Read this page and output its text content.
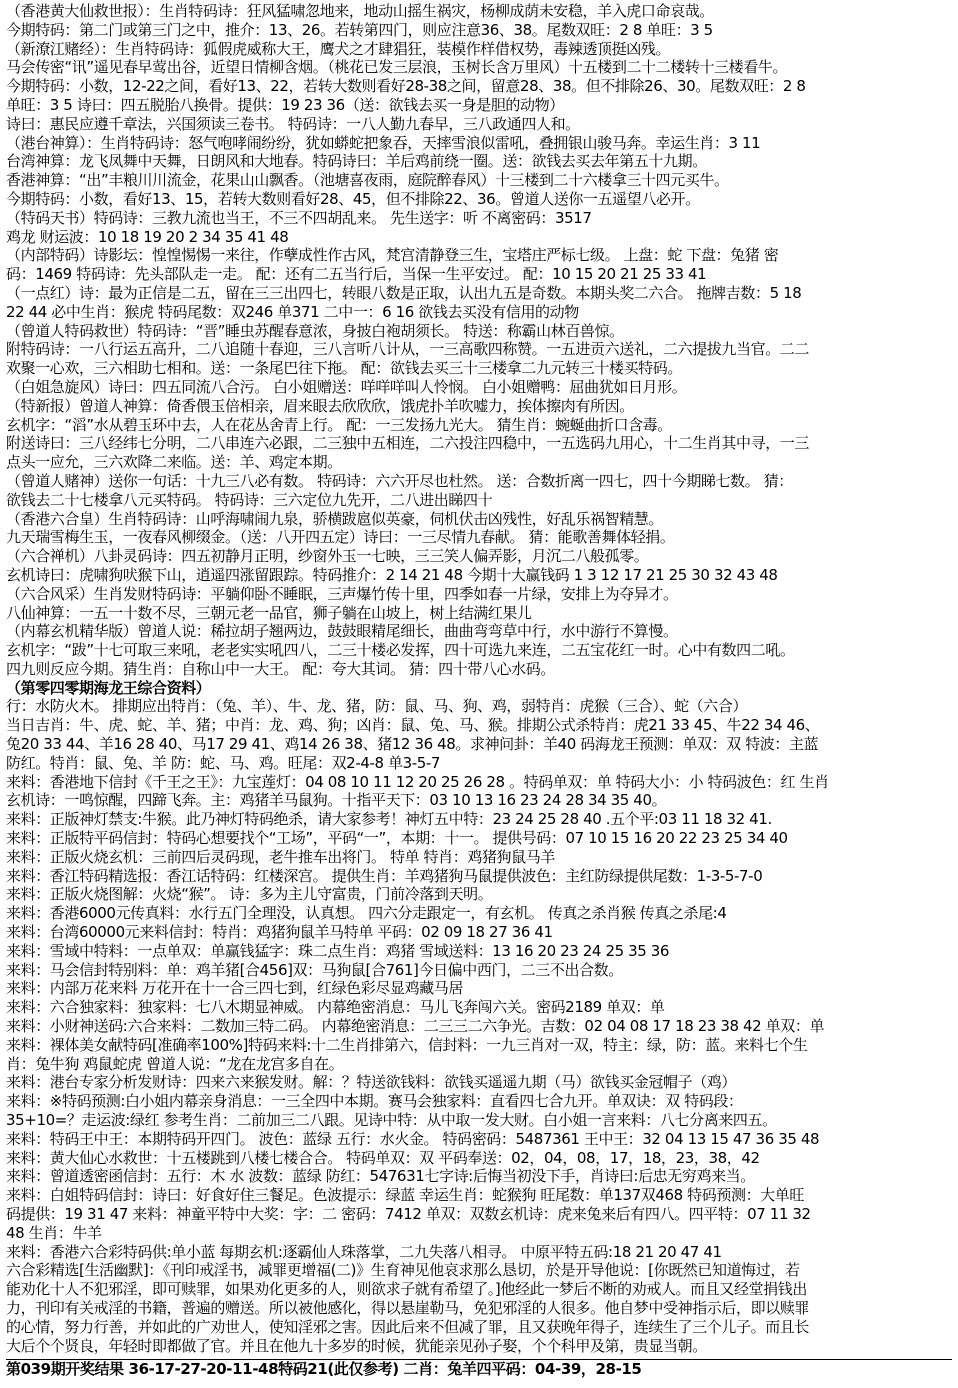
（香港黄大仙救世报）：生肖特码诗：狂风猛啸忽地来，地动山摇生祸灾，杨柳成荫未安稳，羊入虎口命哀哉。
今期特码：第二门或第三门之中，推介：13、26。若转第四门，则应注意36、38。尾数双旺：2 8 单旺：3 5
（新潦江赌经）：生肖特码诗：狐假虎威称大王，鹰犬之才肆猖狂，装模作样借权势，毒辣透顶挺凶残。
马会传密“讯”遥见春早莺出谷，近望日情柳含烟。（桃花已发三层浪，玉树长含万里风）十五楼到二十二楼转十三楼看牛。
今期特码：小数，12-22之间，看好13、22，若转大数则看好28-38之间，留意28、38。但不排除26、30。尾数双旺：2 8
单旺：3 5 诗曰：四五脱胎八换骨。提供：19 23 36（送：欲钱去买一身是胆的动物）
诗曰：惠民应遵千章法，兴国须读三卷书。 特码诗：一八人勤九春早，三八政通四人和。
（港台神算）：生肖特码诗：怒气咆哮闹纷纷，犹如蟒蛇把象吞，天摔雪浪似雷吼，叠拥银山骏马奔。幸运生肖：3 11
台湾神算：龙飞凤舞中天舞，日朗风和大地春。特码诗曰：羊后鸡前绕一圈。送：欲钱去买去年第五十九期。
香港神算：“出”丰粮川川流金，花果山山飘香。（池塘喜夜雨，庭院醉春风）十三楼到二十六楼拿三十四元买牛。
今期特码：小数，看好13、15，若转大数则看好28、45，但不排除22、36。曾道人送你一五遥望八必开。
（特码天书）特码诗：三教九流也当王，不三不四胡乱来。 先生送字：听 不离密码：3517
鸡龙 财运波：10 18 19 20 2 34 35 41 48
（内部特码）诗影坛：惶惶惕惕一来往，作孽成性作古风，梵宫清静登三生，宝塔庄严标七级。 上盘：蛇 下盘：兔猪 密
码：1469 特码诗：先头部队走一走。 配：还有二五当行后，当保一生平安过。 配：10 15 20 21 25 33 41
（一点红）诗：最为正信是二五，留在三三出四七，转眼八数是正取，认出九五是奇数。本期头奖二六合。 拖牌吉数：5 18
22 44 必中生肖：猴虎 特码尾数：双246 单371 二中一：6 16 欲钱去买没有信用的动物
（曾道人特码救世）特码诗：“晋”睡虫苏醒春意浓，身披白袍胡须长。 特送：称霸山林百兽惊。
附特码诗：一八行运五高升，二八追随十春迎，三八言听八计从，一三高歌四称赞。一五进贡六送礼，二六提拔九当官。二二
欢聚一心欢，三六相助七相和。送：一条尾巴往下拖。 配：欲钱去买三十三楼拿二九元转三十楼买特码。
（白姐急旋风）诗曰：四五同流八合污。 白小姐赠送：咩咩咩叫人怜悯。 白小姐赠鸭：屈曲犹如日月形。
（特新报）曾道人神算：倚香偎玉倍相亲，眉来眼去欣欣欣，饿虎扑羊吹嘘力，挨体擦肉有所因。
玄机字：“滔”水从碧玉环中去，人在花丛舍青上行。 配：一三发扬九光大。 猜生肖：蜿蜒曲折口含毒。
附送诗曰：三八经纬七分明，二八串连六必跟，二三独中五相连，二六投注四稳中，一五选码九用心，十二生肖其中寻，一三
点头一应允，三六欢降二来临。送：羊、鸡定本期。
（曾道人赌神）送你一句话：十九三八必有数。 特码诗：六六开尽也杜然。 送：合数折离一四七，四十今期睇七数。 猜：
欲钱去二十七楼拿八元买特码。 特码诗：三六定位九先开，二八进出睇四十
（香港六合皇）生肖特码诗：山呼海啸闹九泉，骄横跋扈似英豪，伺机伏击凶残性，好乱乐祸智精慧。
九天瑞雪梅生玉，一夜春风柳缀金。（送：八开四五定）诗曰：一三尽情九春献。 猜：能歌善舞体轻捐。
（六合禅机）八卦灵码诗：四五初静月正明，纱窗外玉一七映，三三笑人偏弄影，月沉二八般孤零。
玄机诗曰：虎啸狗吠猴下山，逍遥四涨留跟踪。特码推介：2 14 21 48 今期十大赢钱码 1 3 12 17 21 25 30 32 43 48
（六合风采）生肖发财特码诗：平躺仰卧不睡眠，三声爆竹传十里，四季如春一片绿，安排上为夺异才。
八仙神算：一五一十数不尽，三朝元老一品官，狮子躺在山坡上，树上结满红果儿
（内幕玄机精华版）曾道人说：稀拉胡子翘两边，鼓鼓眼精尾细长，曲曲弯弯草中行，水中游行不算慢。
玄机字：“跋”十七可取三来吼，老老实实吼四八，二三十楼必发挥，四十可选九来连，二五宝花红一时。心中有数四二吼。
四九则反应今期。猜生肖：自称山中一大王。 配：夸大其词。 猜：四十带八心水码。
（第零四零期海龙王综合资料）
行：水防火木。 排期应出特肖：（兔、羊）、牛、龙、猪，防：鼠、马、狗、鸡，弱特肖：虎猴（三合）、蛇（六合）
当日吉肖：牛、虎、蛇、羊、猪；中肖：龙、鸡、狗；凶肖：鼠、兔、马、猴。排期公式杀特肖：虎21 33 45、牛22 34 46、
兔20 33 44、羊16 28 40、马17 29 41、鸡14 26 38、猪12 36 48。求神问卦：羊40 码海龙王预测：单双：双 特波：主蓝
防红。特肖：鼠、兔、羊 防：蛇、马、鸡。旺尾：双2-4-8 单3-5-7
来料：香港地下信封《千王之王》：九宝莲灯：04 08 10 11 12 20 25 26 28 。特码单双：单 特码大小：小 特码波色：红 生肖
玄机诗：一鸣惊醒，四蹄飞奔。主：鸡猪羊马鼠狗。十指平天下：03 10 13 16 23 24 28 34 35 40。
来料：正版神灯禁支:牛猴。此乃神灯特码绝杀，请大家参考！神灯五中特：23 24 25 28 40 .五个平:03 11 18 32 41.
来料：正版特平码信封：特码心想要找个“工场”，平码“一”，本期：十一。 提供号码：07 10 15 16 20 22 23 25 34 40
来料：正版火烧玄机：三前四后灵码现，老牛推车出将门。 特单 特肖：鸡猪狗鼠马羊
来料：香江特码精选报：香江话特码：红楼深宫。 提供生肖：羊鸡猪狗马鼠提供波色：主红防绿提供尾数：1-3-5-7-0
来料：正版火烧图解：火烧“猴”。 诗：多为主儿守富贵，门前冷落到天明。
来料：香港6000元传真料：水行五门全理没，认真想。 四六分走跟定一，有玄机。 传真之杀肖猴 传真之杀尾:4
来料：台湾60000元来料信封：特肖：鸡猪狗鼠羊马特单 平码：02 09 18 27 36 41
来料：雪域中特料：一点单双：单赢钱猛字：珠二点生肖：鸡猪 雪域送料：13 16 20 23 24 25 35 36
来料：马会信封特别料：单：鸡羊猪[合456]双：马狗鼠[合761]今日偏中西门，二三不出合数。
来料：内部万花来料 万花开在十一合三四七到，红绿色彩尽显鸡藏马居
来料：六合独家料：独家料：七八木期显神威。 内幕绝密消息：马儿飞奔闯六关。密码2189 单双：单
来料：小财神送码:六合来料：二数加三特二码。 内幕绝密消息：二三三二六争光。吉数：02 04 08 17 18 23 38 42 单双：单
来料：裸体美女献特码[准确率100%]特码来料:十二生肖排第六，信封料：一九三肖对一双，特主：绿，防：蓝。来料七个生
肖：兔牛狗 鸡鼠蛇虎 曾道人说：“龙在龙宫多自在。
来料：港台专家分析发财诗：四来六来猴发财。解：？特送欲钱料：欲钱买遥遥九期（马）欲钱买金冠帽子（鸡）
来料：※特码预测:白小姐内幕亲身消息：一三全四中本期。赛马会独家料：直看四七合九开。单双诀：双 特码段：
35+10=？走运波:绿红 参考生肖：二前加三二八跟。见诗中特：从中取一发大财。白小姐一言来料：八七分离来四五。
来料：特码王中王：本期特码开四门。 波色：蓝绿 五行：水火金。 特码密码：5487361 王中王：32 04 13 15 47 36 35 48
来料：黄大仙心水救世：十五楼跳到八楼七楼合合。 特码单双：双 平码奉送：02，04，08，17，18，23，38，42
来料：曾道透密函信封：五行：木 水 波数：蓝绿 防红：547631七字诗:后悔当初没下手，肖诗曰:后忠无穷鸡来当。
来料：白姐特码信封：诗曰：好食好住三餐足。色波提示：绿蓝 幸运生肖：蛇猴狗 旺尾数：单137双468 特码预测：大单旺
码提供：19 31 47 来料：神童平特中大奖：字：二 密码：7412 单双：双数玄机诗：虎来兔来后有四八。四平特：07 11 32
48 生肖：牛羊
来料：香港六合彩特码供:单小蓝 每期玄机:逐霸仙人珠落掌，二九失落八相寻。 中原平特五码:18 21 20 47 41
六合彩精选[生活幽默]：《刊印戒淫书，减罪更增福(二)》生育神见他哀求那么恳切，於是开导他说：[你既然已知道悔过，若
能劝化十人不犯邪淫，即可赎罪，如果劝化更多的人，则欲求子就有希望了。]他经此一梦后不断的劝戒人。而且又经堂捐钱出
力，刊印有关戒淫的书籍，普遍的赠送。所以被他感化，得以悬崖勒马，免犯邪淫的人很多。他自梦中受神指示后，即以赎罪
的心情，努力行善，并如此的广劝世人，使知淫邪之害。因此后来不但减了罪，且又获晚年得子，连续生了三个儿子。而且长
大后个个贤良，年轻时即都做了官。并且在他九十多岁的时候，犹能亲见孙子娶，个个科甲及第，贵显当朝。
第039期开奖结果 36-17-27-20-11-48特码21(此仅参考) 二肖：兔羊四平码：04-39，28-15
